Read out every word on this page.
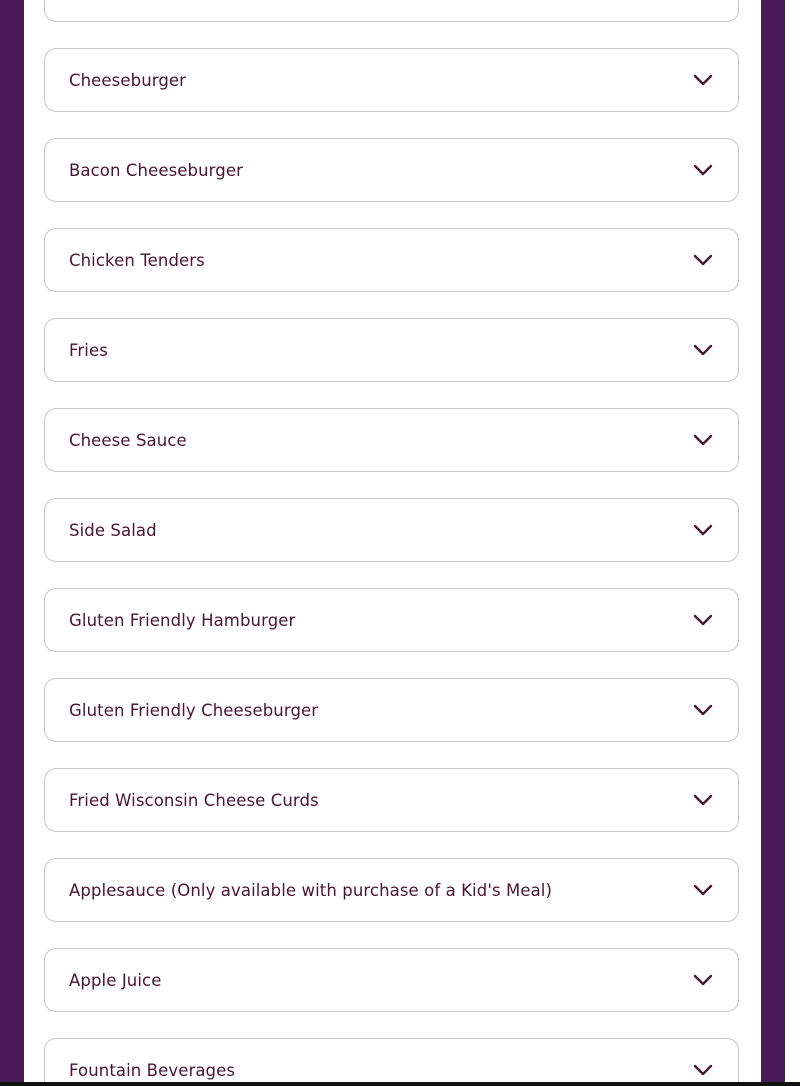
Cheeseburger
Bacon Cheeseburger
Chicken Tenders
Fries
Cheese Sauce
Side Salad
Gluten Friendly Hamburger
Gluten Friendly Cheeseburger
Fried Wisconsin Cheese Curds
Applesauce (Only available with purchase of a Kid's Meal)
Apple Juice
Fountain Beverages
